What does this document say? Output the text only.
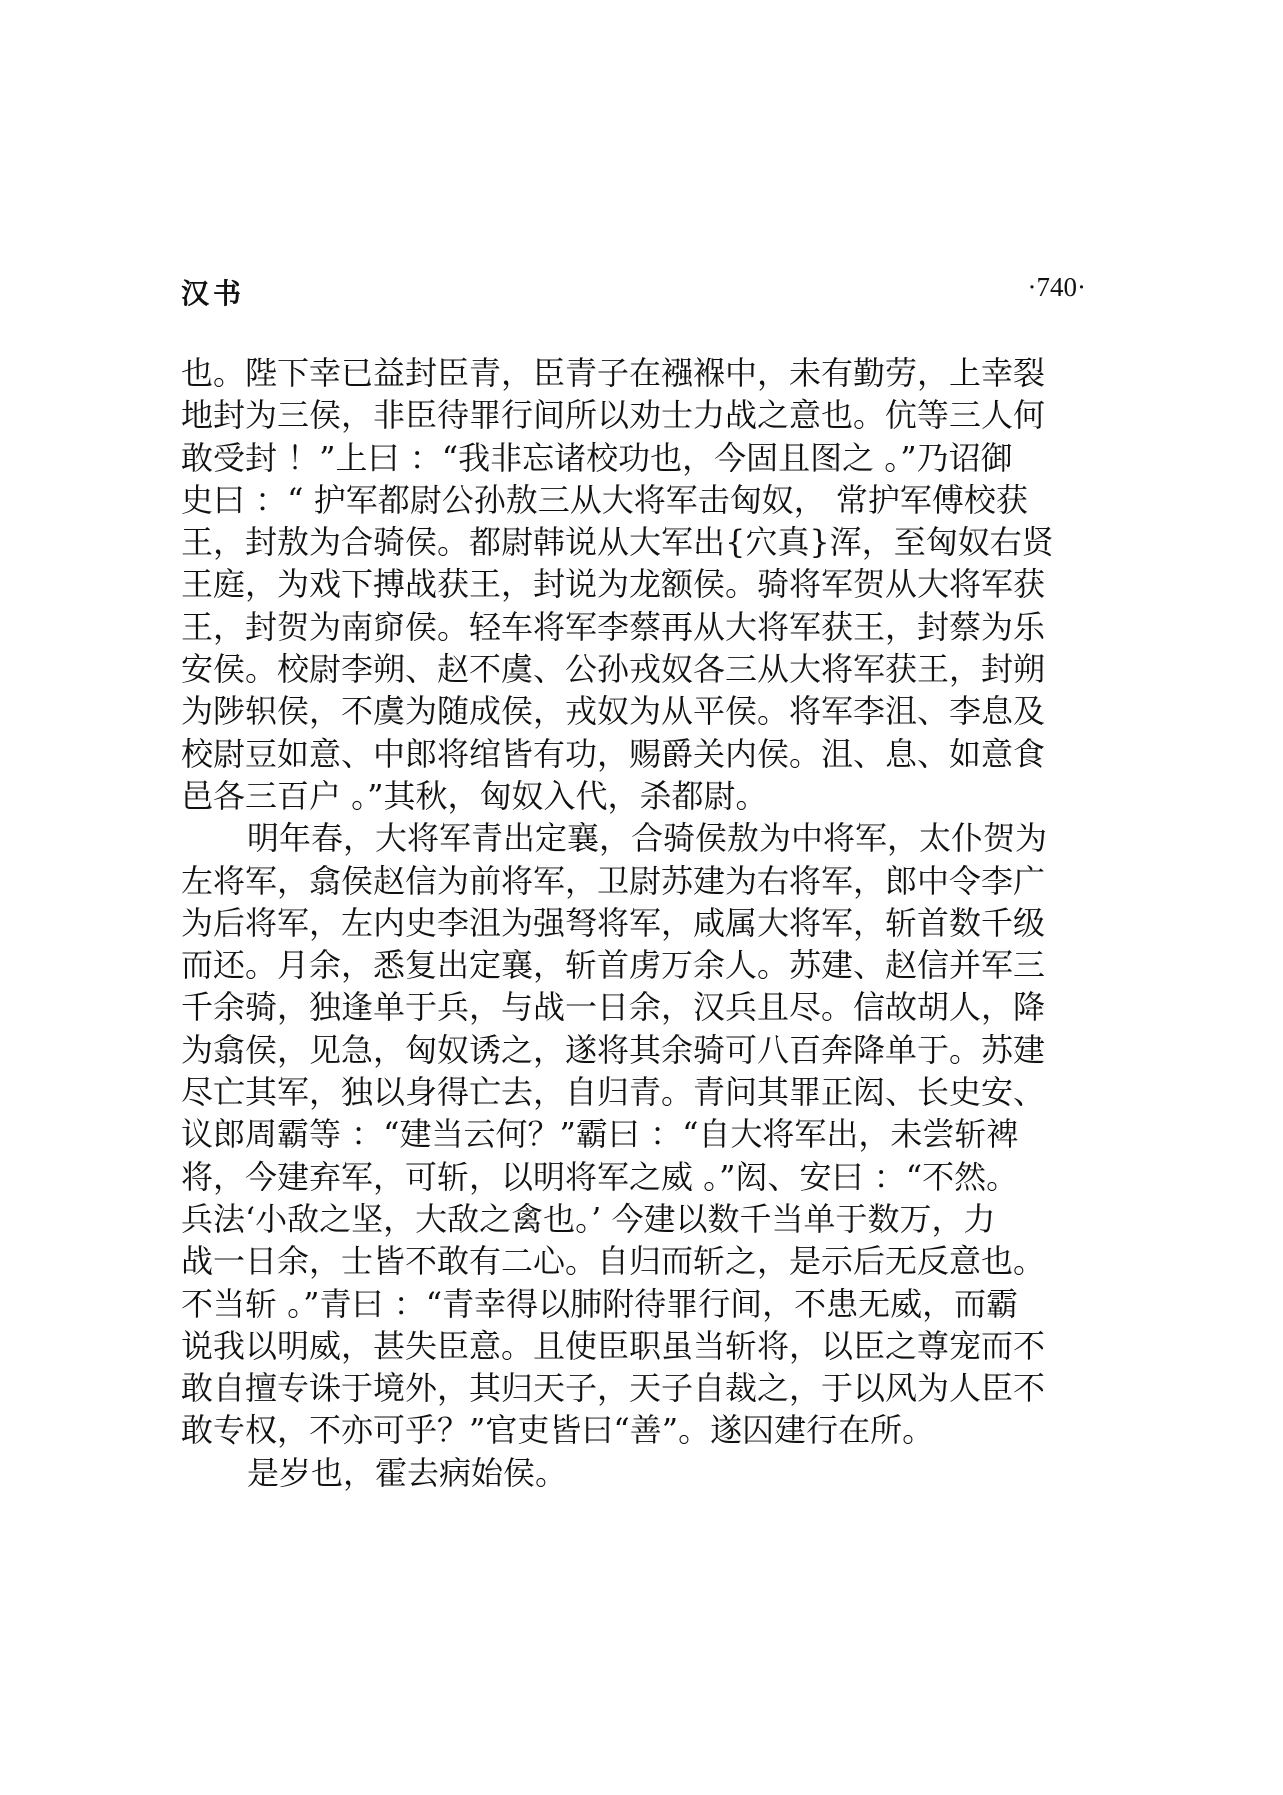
汉书	·740·
也。陛下幸已益封臣青，臣青子在襁褓中，未有勤劳，上幸裂
地封为三侯，非臣待罪行间所以劝士力战之意也。伉等三人何
敢受封 ！”上曰 ：“我非忘诸校功也，今固且图之 。”乃诏御
史曰 ：“ 护军都尉公孙敖三从大将军击匈奴， 常护军傅校获
王，封敖为合骑侯。都尉韩说从大军出{穴真}浑，至匈奴右贤
王庭，为戏下搏战获王，封说为龙额侯。骑将军贺从大将军获
王，封贺为南窌侯。轻车将军李蔡再从大将军获王，封蔡为乐
安侯。校尉李朔、赵不虞、公孙戎奴各三从大将军获王，封朔
为陟轵侯，不虞为随成侯，戎奴为从平侯。将军李沮、李息及
校尉豆如意、中郎将绾皆有功，赐爵关内侯。沮、息、如意食
邑各三百户 。”其秋，匈奴入代，杀都尉。
明年春，大将军青出定襄，合骑侯敖为中将军，太仆贺为
左将军，翕侯赵信为前将军，卫尉苏建为右将军，郎中令李广
为后将军，左内史李沮为强弩将军，咸属大将军，斩首数千级
而还。月余，悉复出定襄，斩首虏万余人。苏建、赵信并军三
千余骑，独逢单于兵，与战一日余，汉兵且尽。信故胡人，降
为翕侯，见急，匈奴诱之，遂将其余骑可八百奔降单于。苏建
尽亡其军，独以身得亡去，自归青。青问其罪正闳、长史安、
议郎周霸等 ：“建当云何？”霸曰 ：“自大将军出，未尝斩裨
将，今建弃军，可斩，以明将军之威 。”闳、安曰 ：“不然。
兵法‘小敌之坚，大敌之禽也。’ 今建以数千当单于数万，力
战一日余，士皆不敢有二心。自归而斩之，是示后无反意也。
不当斩 。”青曰 ：“青幸得以肺附待罪行间，不患无威，而霸
说我以明威，甚失臣意。且使臣职虽当斩将，以臣之尊宠而不
敢自擅专诛于境外，其归天子，天子自裁之，于以风为人臣不
敢专权，不亦可乎？”官吏皆曰“善”。遂囚建行在所。
是岁也，霍去病始侯。
